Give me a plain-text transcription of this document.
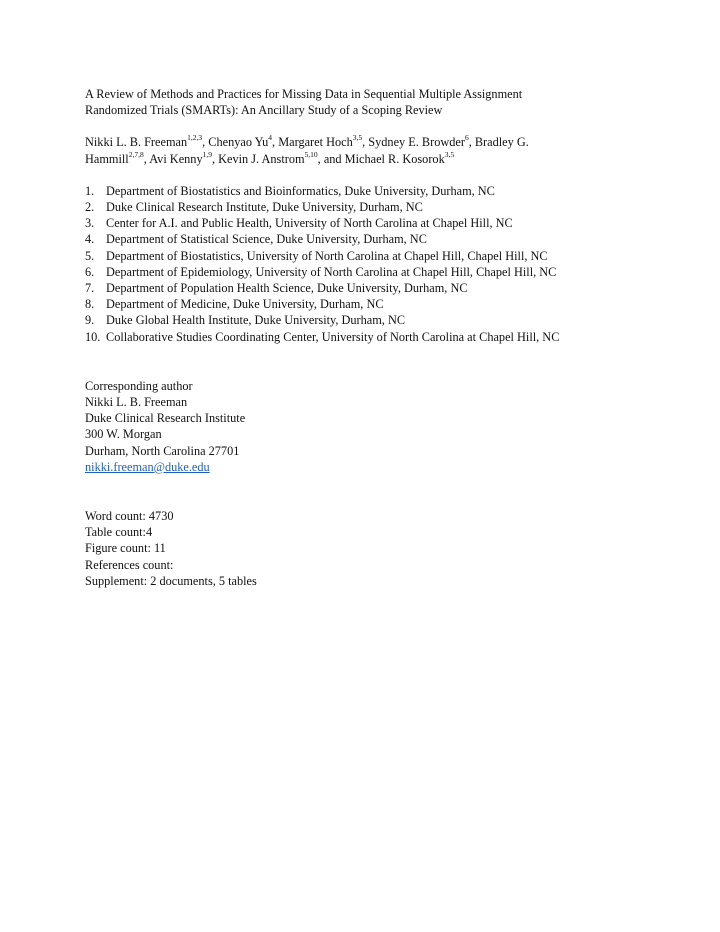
A Review of Methods and Practices for Missing Data in Sequential Multiple Assignment
Randomized Trials (SMARTs): An Ancillary Study of a Scoping Review
Nikki L. B. Freeman$^{1,2,3}$, Chenyao Yu$^4$, Margaret Hoch$^{3,5}$, Sydney E. Browder$^6$, Bradley G.
Hammill$^{2,7,8}$, Avi Kenny$^{1,9}$, Kevin J. Anstrom$^{5,10}$, and Michael R. Kosorok$^{3,5}$
1. Department of Biostatistics and Bioinformatics, Duke University, Durham, NC
2. Duke Clinical Research Institute, Duke University, Durham, NC
3. Center for A.I. and Public Health, University of North Carolina at Chapel Hill, NC
4. Department of Statistical Science, Duke University, Durham, NC
5. Department of Biostatistics, University of North Carolina at Chapel Hill, Chapel Hill, NC
6. Department of Epidemiology, University of North Carolina at Chapel Hill, Chapel Hill, NC
7. Department of Population Health Science, Duke University, Durham, NC
8. Department of Medicine, Duke University, Durham, NC
9. Duke Global Health Institute, Duke University, Durham, NC
10. Collaborative Studies Coordinating Center, University of North Carolina at Chapel Hill, NC
Corresponding author
Nikki L. B. Freeman
Duke Clinical Research Institute
300 W. Morgan
Durham, North Carolina 27701
nikki.freeman@duke.edu
Word count: 4730
Table count:4
Figure count: 11
References count:
Supplement: 2 documents, 5 tables
